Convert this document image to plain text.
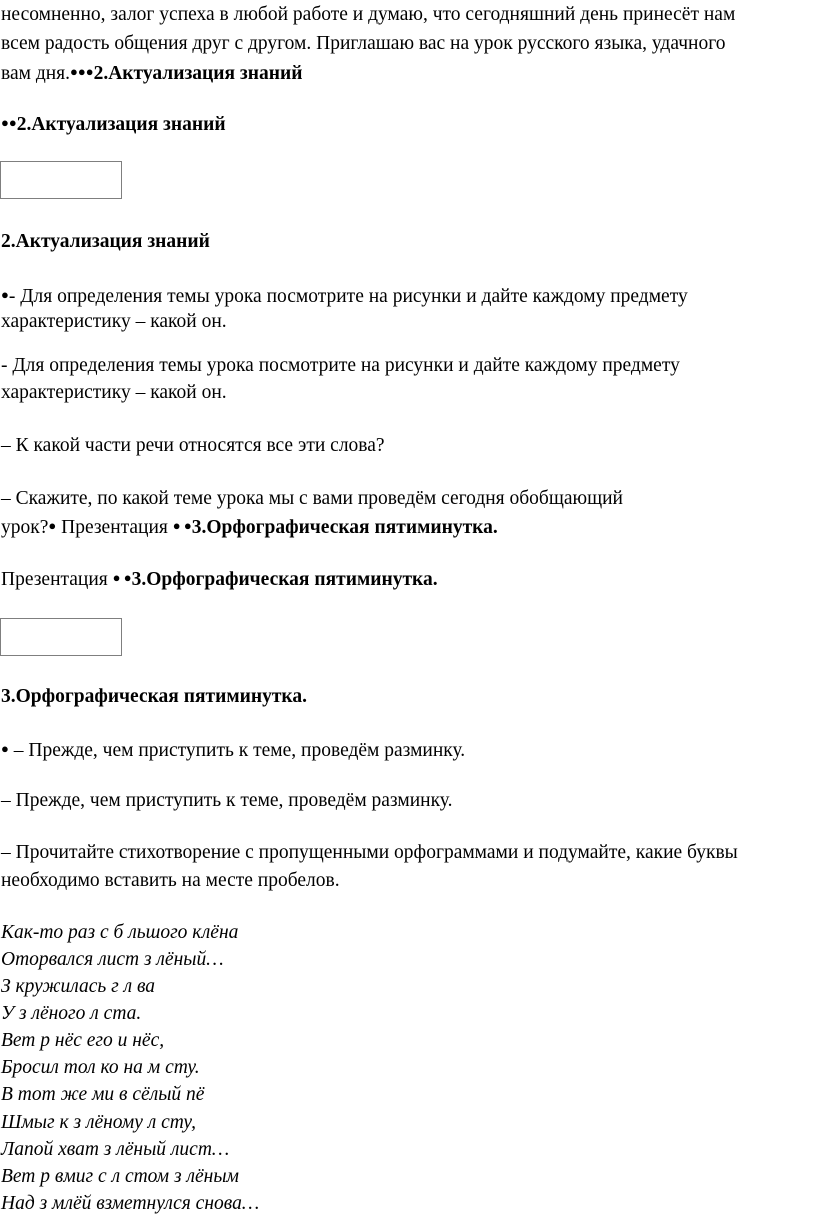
несомненно, залог успеха в любой работе и думаю, что сегодняшний день принесёт нам
всем радость общения друг с другом. Приглашаю вас на урок русского языка, удачного
вам дня.●●●2.Актуализация знаний
●●2.Актуализация знаний
2.Актуализация знаний
●- Для определения темы урока посмотрите на рисунки и дайте каждому предмету
характеристику – какой он.
- Для определения темы урока посмотрите на рисунки и дайте каждому предмету
характеристику – какой он.
– К какой части речи относятся все эти слова?
– Скажите, по какой теме урока мы с вами проведём сегодня обобщающий
урок?● Презентация ● ●3.Орфографическая пятиминутка.
Презентация ● ●3.Орфографическая пятиминутка.
3.Орфографическая пятиминутка.
● – Прежде, чем приступить к теме, проведём разминку.
– Прежде, чем приступить к теме, проведём разминку.
– Прочитайте стихотворение с пропущенными орфограммами и подумайте, какие буквы
необходимо вставить на месте пробелов.
Как-то раз с б льшого клёна
Оторвался лист з лёный…
З кружилась г л ва
У з лёного л ста.
Вет р нёс его и нёс,
Бросил тол ко на м сту.
В тот же ми в сёлый пё
Шмыг к з лёному л сту,
Лапой хват з лёный лист…
Вет р вмиг с л стом з лёным
Над з млёй взметнулся снова…
